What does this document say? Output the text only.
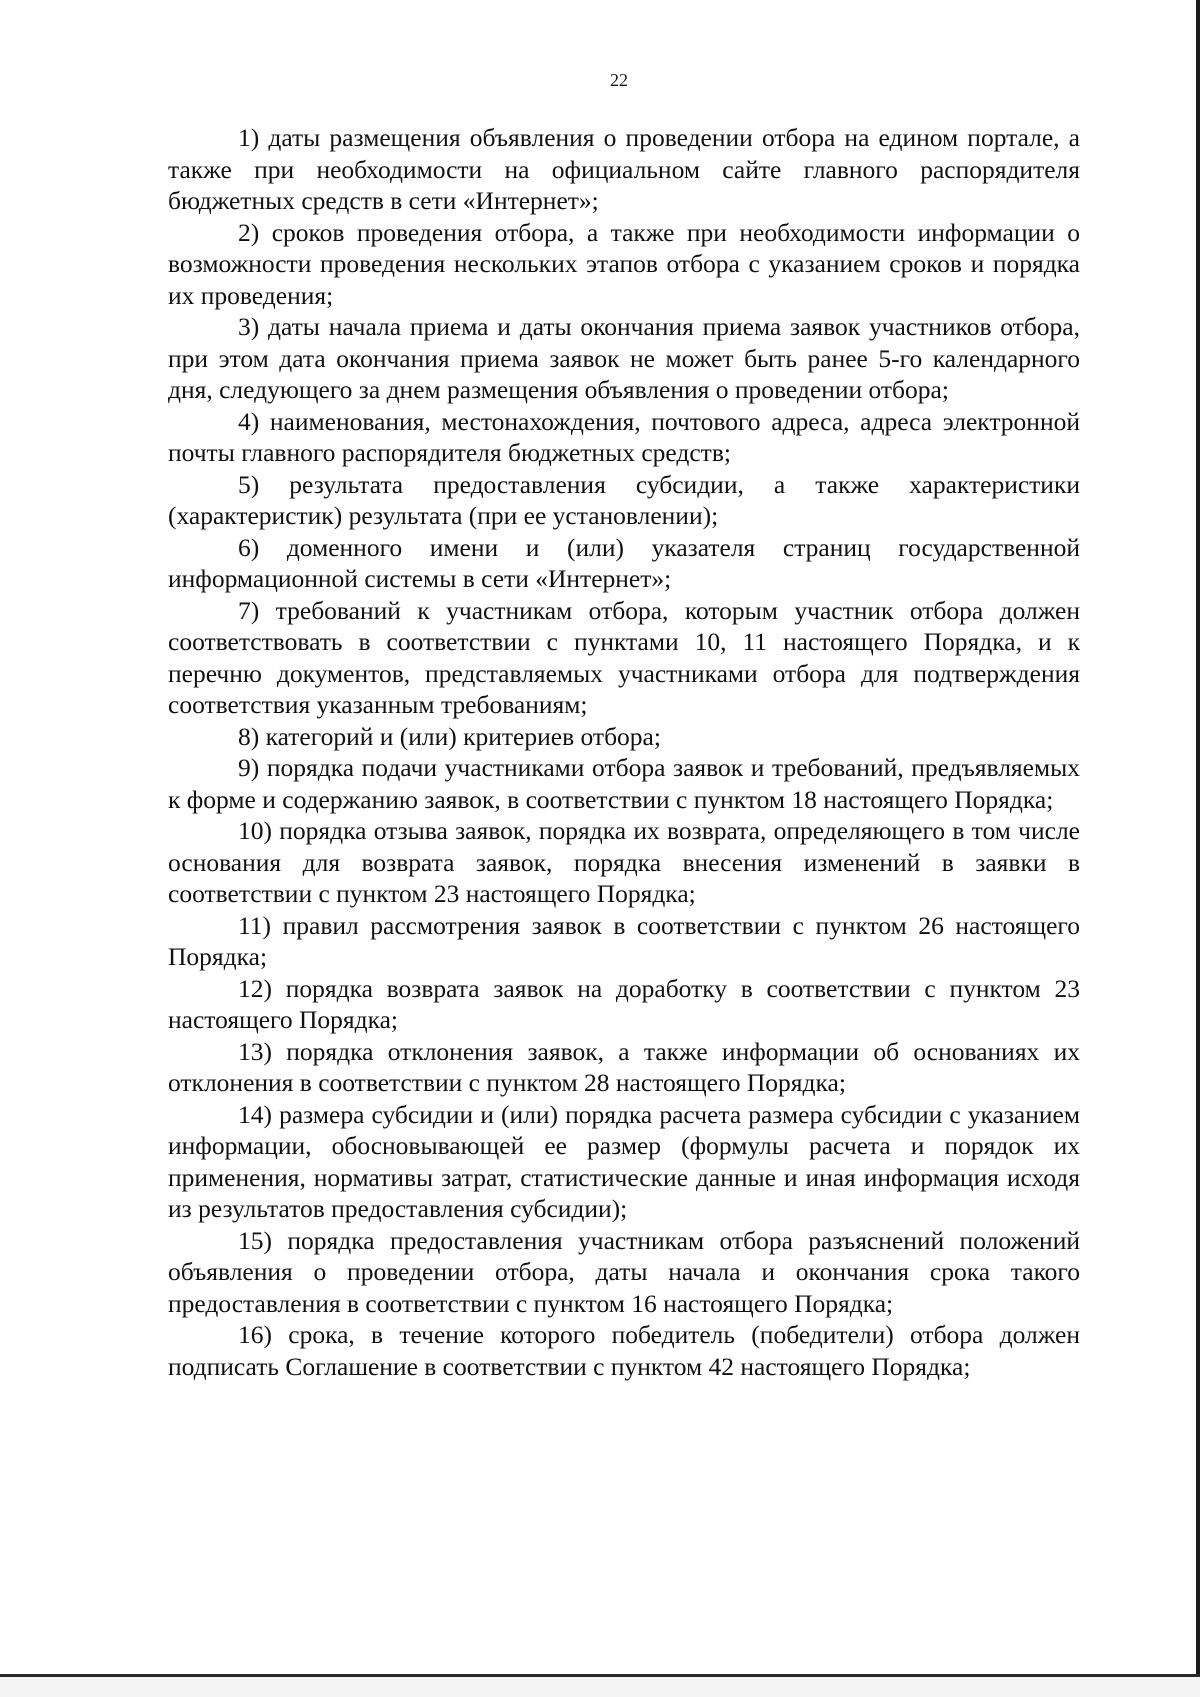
22

1) даты размещения объявления о проведении отбора на едином портале, а также при необходимости на официальном сайте главного распорядителя бюджетных средств в сети «Интернет»;

2) сроков проведения отбора, а также при необходимости информации о возможности проведения нескольких этапов отбора с указанием сроков и порядка их проведения;

3) даты начала приема и даты окончания приема заявок участников отбора, при этом дата окончания приема заявок не может быть ранее 5-го календарного дня, следующего за днем размещения объявления о проведении отбора;

4) наименования, местонахождения, почтового адреса, адреса электронной почты главного распорядителя бюджетных средств;

5) результата предоставления субсидии, а также характеристики (характеристик) результата (при ее установлении);

6) доменного имени и (или) указателя страниц государственной информационной системы в сети «Интернет»;

7) требований к участникам отбора, которым участник отбора должен соответствовать в соответствии с пунктами 10, 11 настоящего Порядка, и к перечню документов, представляемых участниками отбора для подтверждения соответствия указанным требованиям;

8) категорий и (или) критериев отбора;

9) порядка подачи участниками отбора заявок и требований, предъявляемых к форме и содержанию заявок, в соответствии с пунктом 18 настоящего Порядка;

10) порядка отзыва заявок, порядка их возврата, определяющего в том числе основания для возврата заявок, порядка внесения изменений в заявки в соответствии с пунктом 23 настоящего Порядка;

11) правил рассмотрения заявок в соответствии с пунктом 26 настоящего Порядка;

12) порядка возврата заявок на доработку в соответствии с пунктом 23 настоящего Порядка;

13) порядка отклонения заявок, а также информации об основаниях их отклонения в соответствии с пунктом 28 настоящего Порядка;

14) размера субсидии и (или) порядка расчета размера субсидии с указанием информации, обосновывающей ее размер (формулы расчета и порядок их применения, нормативы затрат, статистические данные и иная информация исходя из результатов предоставления субсидии);

15) порядка предоставления участникам отбора разъяснений положений объявления о проведении отбора, даты начала и окончания срока такого предоставления в соответствии с пунктом 16 настоящего Порядка;

16) срока, в течение которого победитель (победители) отбора должен подписать Соглашение в соответствии с пунктом 42 настоящего Порядка;
